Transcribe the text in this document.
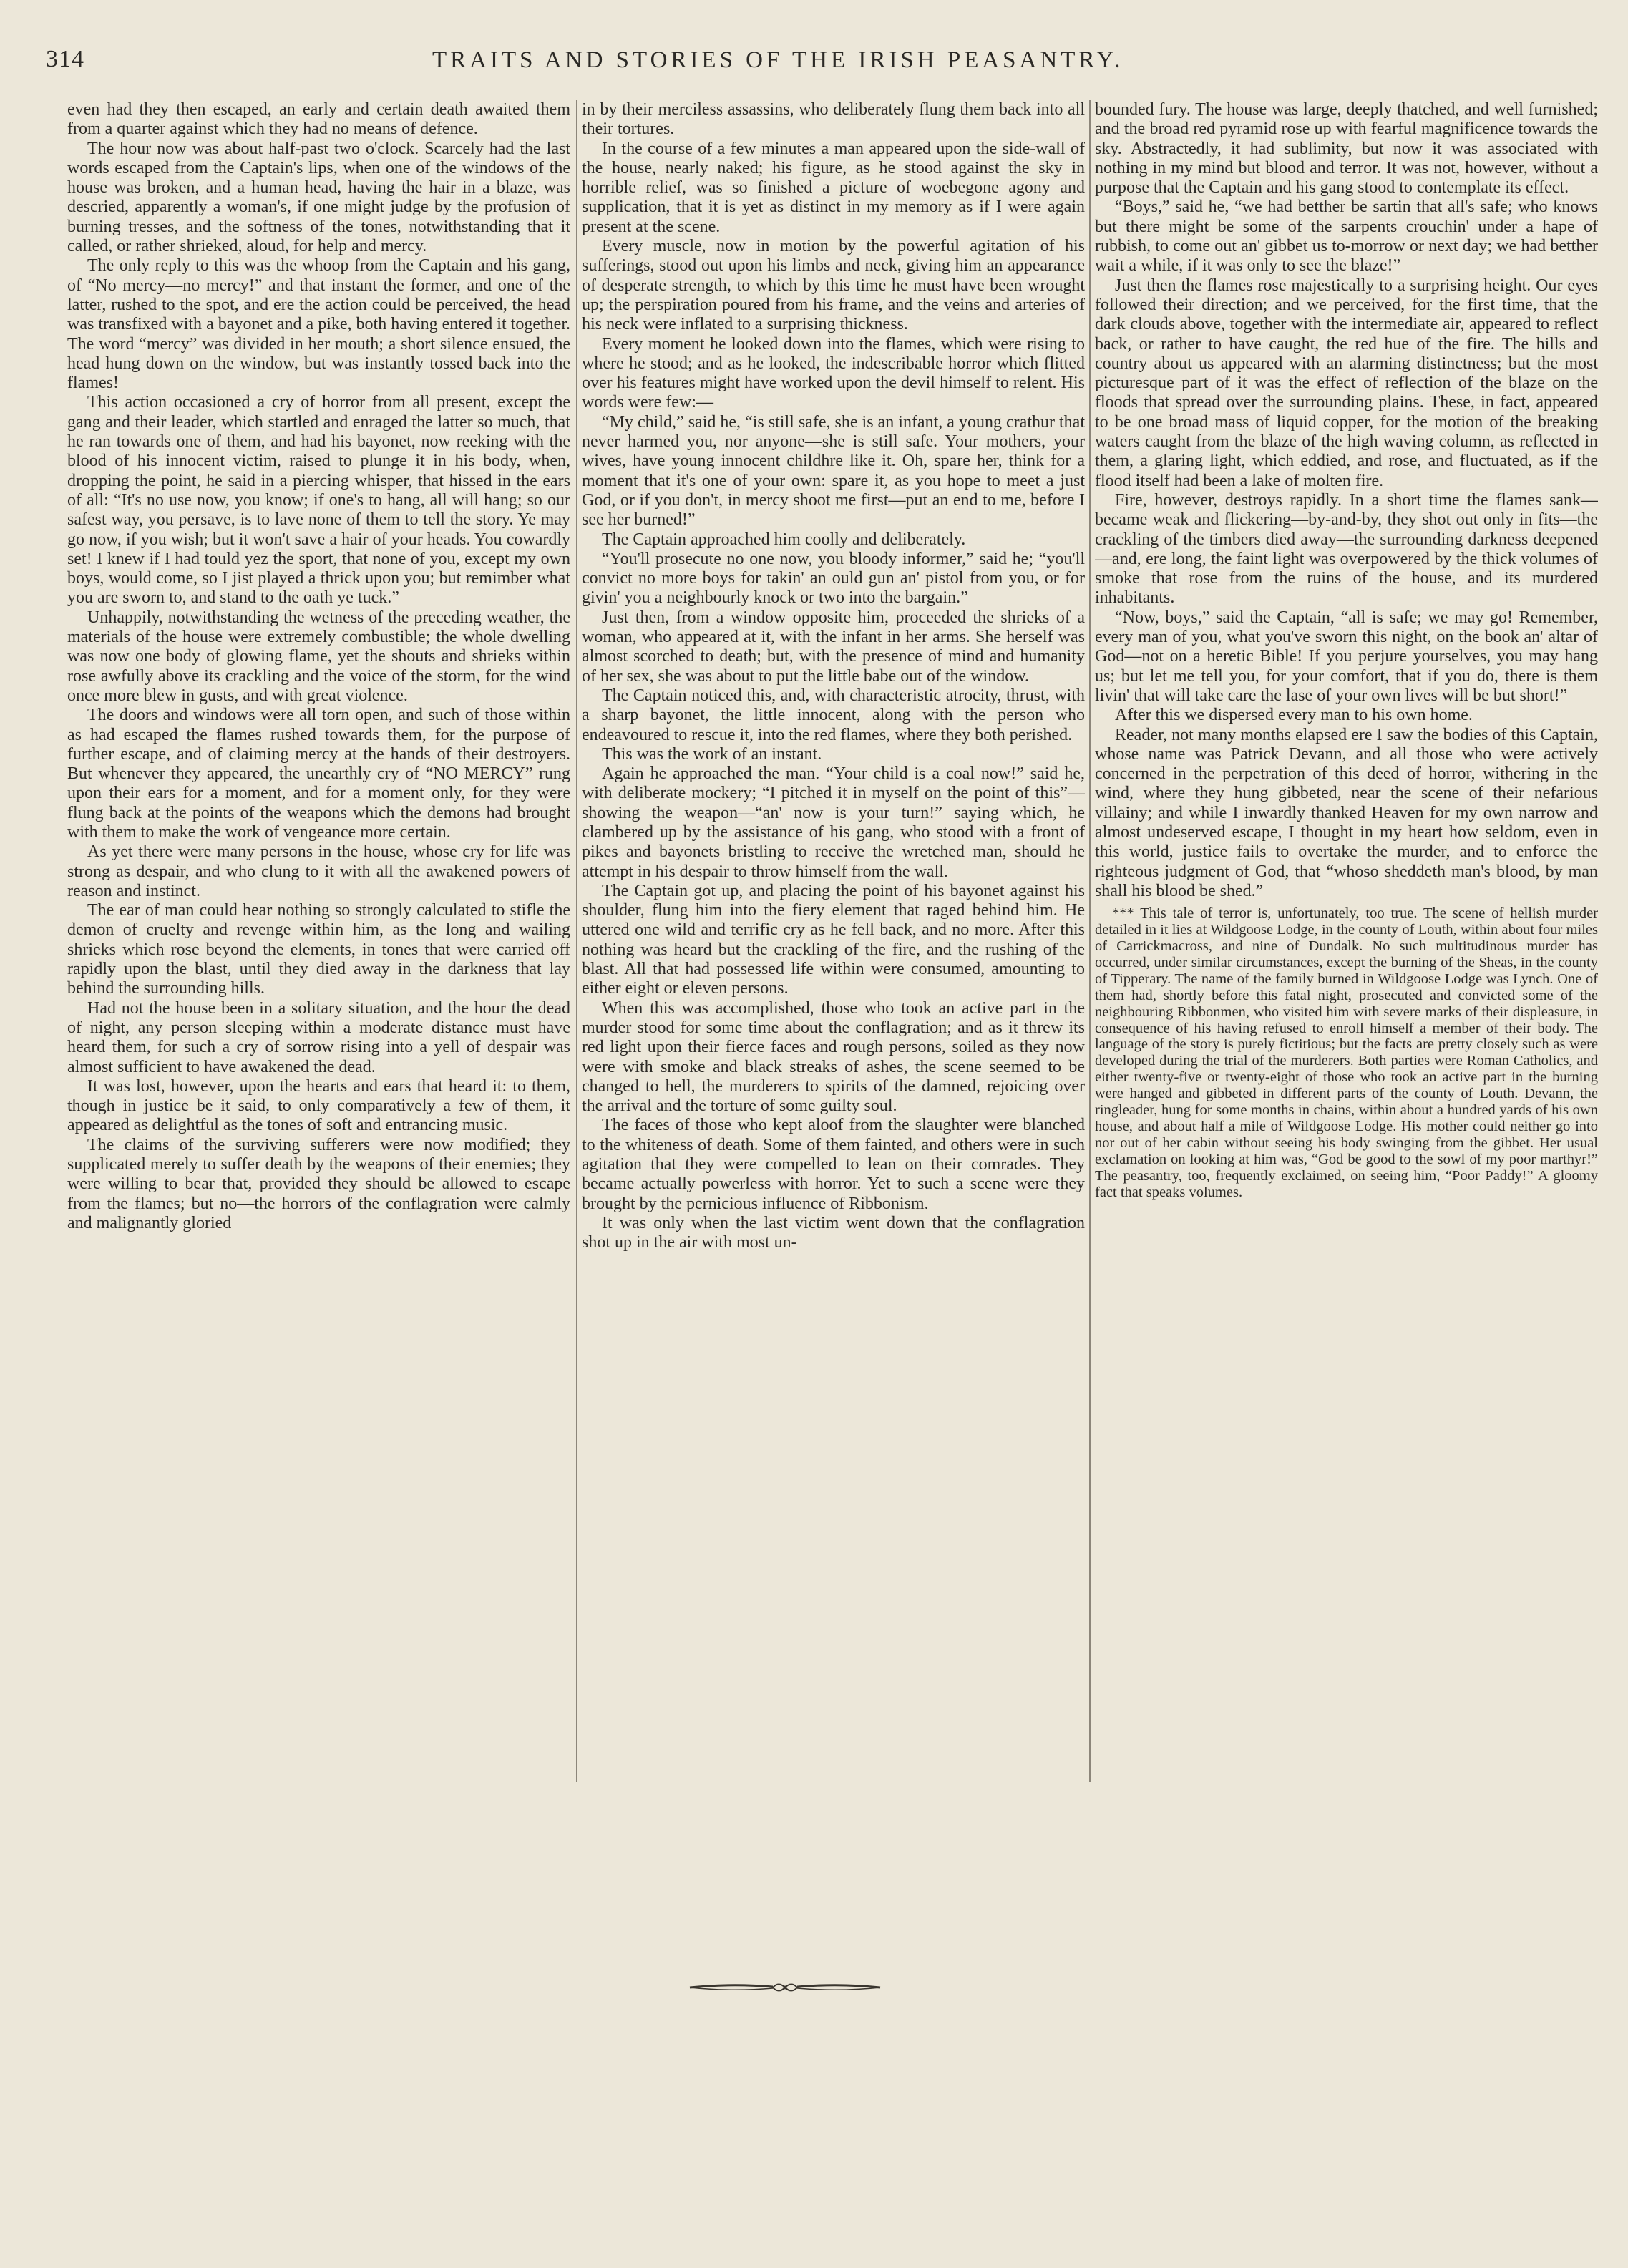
314	TRAITS AND STORIES OF THE IRISH PEASANTRY.

even had they then escaped, an early and certain death awaited them from a quarter against which they had no means of defence.

The hour now was about half-past two o'clock. Scarcely had the last words escaped from the Captain's lips, when one of the windows of the house was broken, and a human head, having the hair in a blaze, was descried, apparently a woman's, if one might judge by the profusion of burning tresses, and the softness of the tones, notwithstanding that it called, or rather shrieked, aloud, for help and mercy.

The only reply to this was the whoop from the Captain and his gang, of “No mercy—no mercy!” and that instant the former, and one of the latter, rushed to the spot, and ere the action could be perceived, the head was transfixed with a bayonet and a pike, both having entered it together. The word “mercy” was divided in her mouth; a short silence ensued, the head hung down on the window, but was instantly tossed back into the flames!

This action occasioned a cry of horror from all present, except the gang and their leader, which startled and enraged the latter so much, that he ran towards one of them, and had his bayonet, now reeking with the blood of his innocent victim, raised to plunge it in his body, when, dropping the point, he said in a piercing whisper, that hissed in the ears of all: “It's no use now, you know; if one's to hang, all will hang; so our safest way, you persave, is to lave none of them to tell the story. Ye may go now, if you wish; but it won't save a hair of your heads. You cowardly set! I knew if I had tould yez the sport, that none of you, except my own boys, would come, so I jist played a thrick upon you; but remimber what you are sworn to, and stand to the oath ye tuck.”

Unhappily, notwithstanding the wetness of the preceding weather, the materials of the house were extremely combustible; the whole dwelling was now one body of glowing flame, yet the shouts and shrieks within rose awfully above its crackling and the voice of the storm, for the wind once more blew in gusts, and with great violence.

The doors and windows were all torn open, and such of those within as had escaped the flames rushed towards them, for the purpose of further escape, and of claiming mercy at the hands of their destroyers. But whenever they appeared, the unearthly cry of “NO MERCY” rung upon their ears for a moment, and for a moment only, for they were flung back at the points of the weapons which the demons had brought with them to make the work of vengeance more certain.

As yet there were many persons in the house, whose cry for life was strong as despair, and who clung to it with all the awakened powers of reason and instinct.

The ear of man could hear nothing so strongly calculated to stifle the demon of cruelty and revenge within him, as the long and wailing shrieks which rose beyond the elements, in tones that were carried off rapidly upon the blast, until they died away in the darkness that lay behind the surrounding hills.

Had not the house been in a solitary situation, and the hour the dead of night, any person sleeping within a moderate distance must have heard them, for such a cry of sorrow rising into a yell of despair was almost sufficient to have awakened the dead.

It was lost, however, upon the hearts and ears that heard it: to them, though in justice be it said, to only comparatively a few of them, it appeared as delightful as the tones of soft and entrancing music.

The claims of the surviving sufferers were now modified; they supplicated merely to suffer death by the weapons of their enemies; they were willing to bear that, provided they should be allowed to escape from the flames; but no—the horrors of the conflagration were calmly and malignantly gloried

in by their merciless assassins, who deliberately flung them back into all their tortures.

In the course of a few minutes a man appeared upon the side-wall of the house, nearly naked; his figure, as he stood against the sky in horrible relief, was so finished a picture of woebegone agony and supplication, that it is yet as distinct in my memory as if I were again present at the scene.

Every muscle, now in motion by the powerful agitation of his sufferings, stood out upon his limbs and neck, giving him an appearance of desperate strength, to which by this time he must have been wrought up; the perspiration poured from his frame, and the veins and arteries of his neck were inflated to a surprising thickness.

Every moment he looked down into the flames, which were rising to where he stood; and as he looked, the indescribable horror which flitted over his features might have worked upon the devil himself to relent. His words were few:—

“My child,” said he, “is still safe, she is an infant, a young crathur that never harmed you, nor anyone—she is still safe. Your mothers, your wives, have young innocent childhre like it. Oh, spare her, think for a moment that it's one of your own: spare it, as you hope to meet a just God, or if you don't, in mercy shoot me first—put an end to me, before I see her burned!”

The Captain approached him coolly and deliberately.

“You'll prosecute no one now, you bloody informer,” said he; “you'll convict no more boys for takin' an ould gun an' pistol from you, or for givin' you a neighbourly knock or two into the bargain.”

Just then, from a window opposite him, proceeded the shrieks of a woman, who appeared at it, with the infant in her arms. She herself was almost scorched to death; but, with the presence of mind and humanity of her sex, she was about to put the little babe out of the window.

The Captain noticed this, and, with characteristic atrocity, thrust, with a sharp bayonet, the little innocent, along with the person who endeavoured to rescue it, into the red flames, where they both perished.

This was the work of an instant.

Again he approached the man. “Your child is a coal now!” said he, with deliberate mockery; “I pitched it in myself on the point of this”—showing the weapon—“an' now is your turn!” saying which, he clambered up by the assistance of his gang, who stood with a front of pikes and bayonets bristling to receive the wretched man, should he attempt in his despair to throw himself from the wall.

The Captain got up, and placing the point of his bayonet against his shoulder, flung him into the fiery element that raged behind him. He uttered one wild and terrific cry as he fell back, and no more. After this nothing was heard but the crackling of the fire, and the rushing of the blast. All that had possessed life within were consumed, amounting to either eight or eleven persons.

When this was accomplished, those who took an active part in the murder stood for some time about the conflagration; and as it threw its red light upon their fierce faces and rough persons, soiled as they now were with smoke and black streaks of ashes, the scene seemed to be changed to hell, the murderers to spirits of the damned, rejoicing over the arrival and the torture of some guilty soul.

The faces of those who kept aloof from the slaughter were blanched to the whiteness of death. Some of them fainted, and others were in such agitation that they were compelled to lean on their comrades. They became actually powerless with horror. Yet to such a scene were they brought by the pernicious influence of Ribbonism.

It was only when the last victim went down that the conflagration shot up in the air with most un-

bounded fury. The house was large, deeply thatched, and well furnished; and the broad red pyramid rose up with fearful magnificence towards the sky. Abstractedly, it had sublimity, but now it was associated with nothing in my mind but blood and terror. It was not, however, without a purpose that the Captain and his gang stood to contemplate its effect.

“Boys,” said he, “we had betther be sartin that all's safe; who knows but there might be some of the sarpents crouchin' under a hape of rubbish, to come out an' gibbet us to-morrow or next day; we had betther wait a while, if it was only to see the blaze!”

Just then the flames rose majestically to a surprising height. Our eyes followed their direction; and we perceived, for the first time, that the dark clouds above, together with the intermediate air, appeared to reflect back, or rather to have caught, the red hue of the fire. The hills and country about us appeared with an alarming distinctness; but the most picturesque part of it was the effect of reflection of the blaze on the floods that spread over the surrounding plains. These, in fact, appeared to be one broad mass of liquid copper, for the motion of the breaking waters caught from the blaze of the high waving column, as reflected in them, a glaring light, which eddied, and rose, and fluctuated, as if the flood itself had been a lake of molten fire.

Fire, however, destroys rapidly. In a short time the flames sank—became weak and flickering—by-and-by, they shot out only in fits—the crackling of the timbers died away—the surrounding darkness deepened—and, ere long, the faint light was overpowered by the thick volumes of smoke that rose from the ruins of the house, and its murdered inhabitants.

“Now, boys,” said the Captain, “all is safe; we may go! Remember, every man of you, what you've sworn this night, on the book an' altar of God—not on a heretic Bible! If you perjure yourselves, you may hang us; but let me tell you, for your comfort, that if you do, there is them livin' that will take care the lase of your own lives will be but short!”

After this we dispersed every man to his own home.

Reader, not many months elapsed ere I saw the bodies of this Captain, whose name was Patrick Devann, and all those who were actively concerned in the perpetration of this deed of horror, withering in the wind, where they hung gibbeted, near the scene of their nefarious villainy; and while I inwardly thanked Heaven for my own narrow and almost undeserved escape, I thought in my heart how seldom, even in this world, justice fails to overtake the murder, and to enforce the righteous judgment of God, that “whoso sheddeth man's blood, by man shall his blood be shed.”

*** This tale of terror is, unfortunately, too true. The scene of hellish murder detailed in it lies at Wildgoose Lodge, in the county of Louth, within about four miles of Carrickmacross, and nine of Dundalk. No such multitudinous murder has occurred, under similar circumstances, except the burning of the Sheas, in the county of Tipperary. The name of the family burned in Wildgoose Lodge was Lynch. One of them had, shortly before this fatal night, prosecuted and convicted some of the neighbouring Ribbonmen, who visited him with severe marks of their displeasure, in consequence of his having refused to enroll himself a member of their body. The language of the story is purely fictitious; but the facts are pretty closely such as were developed during the trial of the murderers. Both parties were Roman Catholics, and either twenty-five or twenty-eight of those who took an active part in the burning were hanged and gibbeted in different parts of the county of Louth. Devann, the ringleader, hung for some months in chains, within about a hundred yards of his own house, and about half a mile of Wildgoose Lodge. His mother could neither go into nor out of her cabin without seeing his body swinging from the gibbet. Her usual exclamation on looking at him was, “God be good to the sowl of my poor marthyr!” The peasantry, too, frequently exclaimed, on seeing him, “Poor Paddy!” A gloomy fact that speaks volumes.
